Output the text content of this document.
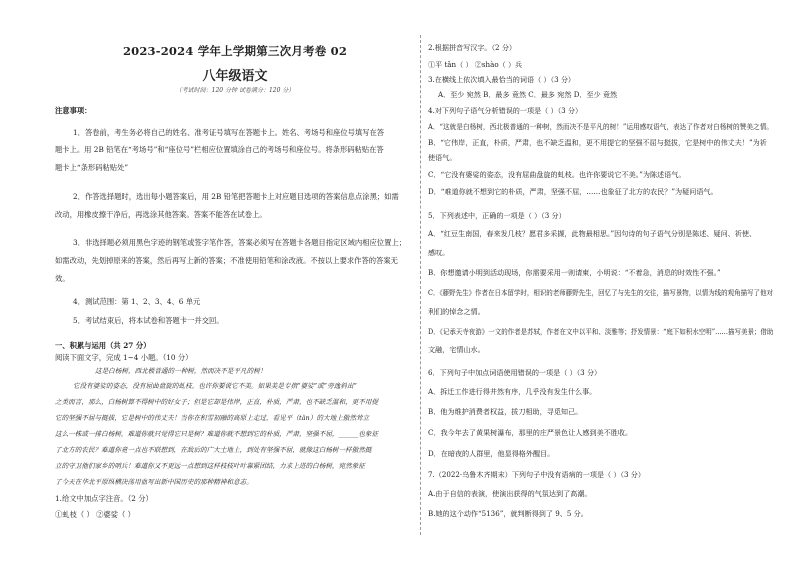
2023-2024 学年上学期第三次月考卷 02
八年级语文
（考试时间：120 分钟 试卷满分：120 分）
注意事项：
1．答卷前，考生务必将自己的姓名、准考证号填写在答题卡上。姓名、考场号和座位号填写在答
题卡上。用 2B 铅笔在“考场号”和“座位号”栏相应位置填涂自己的考场号和座位号。将条形码粘贴在答
题卡上“条形码粘贴处”
2．作答选择题时，选出每小题答案后，用 2B 铅笔把答题卡上对应题目选项的答案信息点涂黑；如需
改动，用橡皮擦干净后，再选涂其他答案。答案不能答在试卷上。
3．非选择题必须用黑色字迹的钢笔或签字笔作答，答案必须写在答题卡各题目指定区域内相应位置上；
如需改动，先划掉原来的答案，然后再写上新的答案；不准使用铅笔和涂改液。不按以上要求作答的答案无
效。
4．测试范围：第 1、2、3、4、6 单元
5．考试结束后，将本试卷和答题卡一并交回。
一、积累与运用（共 27 分）
阅读下面文字，完成 1~4 小题。（10 分）
这是白杨树，西北极普通的一种树，然而决不是平凡的树！
它没有婆娑的姿态，没有屈曲盘旋的虬枝。也许你要说它不美。如果美是专指“婆娑”或“旁逸斜出”
之类而言，那么，白杨树算不得树中的好女子；但是它却是伟岸，正直，朴质，严肃，也不缺乏温和，更不用提
它的坚强不屈与挺拔，它是树中的伟丈夫！当你在积雪初融的高原上走过，看见平（tǎn）的大地上傲然耸立
这么一株或一排白杨树，难道你就只觉得它只是树？难道你就不想到它的朴质，严肃，坚强不屈，______也象征
了北方的农民？难道你竟一点也不联想到，在敌后的广大土地上，到处有坚强不屈，就像这白杨树一样傲然挺
立的守卫他们家乡的哨兵！难道你又不更远一点想到这样枝枝叶叶靠紧团结，力求上进的白杨树，宛然象征
了今天在华北平原纵横决荡用血写出新中国历史的那种精神和意志。
1.给文中加点字注音。（2 分）
①虬枝（ ） ②婆娑（ ）
2.根据拼音写汉字。（2 分）
①平 tǎn（ ） ②shào（ ）兵
3.在横线上依次填入最恰当的词语（ ）（3 分）
A．至少 宛然 B．最多 竟然 C．最多 宛然 D．至少 竟然
4.对下列句子语气分析错误的一项是（ ）（3 分）
A．“这就是白杨树，西北极普通的一种树，然而决不是平凡的树！”运用感叹语气，表达了作者对白杨树的赞美之情。
B．“它伟岸，正直，朴质，严肃，也不缺乏温和，更不用提它的坚强不屈与挺拔，它是树中的伟丈夫！”为祈
使语气。
C．“它没有婆娑的姿态，没有屈曲盘旋的虬枝。也许你要说它不美。”为陈述语气。
D．“难道你就不想到它的朴质，严肃，坚强不屈，……也象征了北方的农民？”为疑问语气。
5．下列表述中，正确的一项是（ ）（3 分）
A．“红豆生南国，春来发几枝？愿君多采撷，此物最相思。”因句诗的句子语气分别是陈述、疑问、祈使、
感叹。
B．你想邀请小明到活动现场，你需要采用一则请柬，小明说：“不着急，消息的时效性不强。”
C．《藤野先生》作者在日本留学时，相识的老师藤野先生，回忆了与先生的交往，描写景物，以情为线的观角描写了他对
利们的悼念之情。
D．《记承天寺夜游》一文的作者是苏轼，作者在文中以平和、淡雅等；抒发情景：“庭下如积水空明”……描写美景；借助
文融，宅情山水。
6．下列句子中加点词语使用错误的一项是（ ）（3 分）
A．拆迁工作进行得井然有序，几乎没有发生什么事。
B．他为维护消费者权益，拔刀相助，寻觅知己。
C．我今年去了黄果树瀑布，那里的庄严景色让人感到美不胜收。
D．在暗夜的人群里，他显得格外醒目。
7.（2022·乌鲁木齐期末）下列句子中没有语病的一项是（ ）（3 分）
A.由于自信的表演，使演出获得的气氛达到了高潮。
B.她的这个动作“5136”，就判断得到了 9、5 分。
